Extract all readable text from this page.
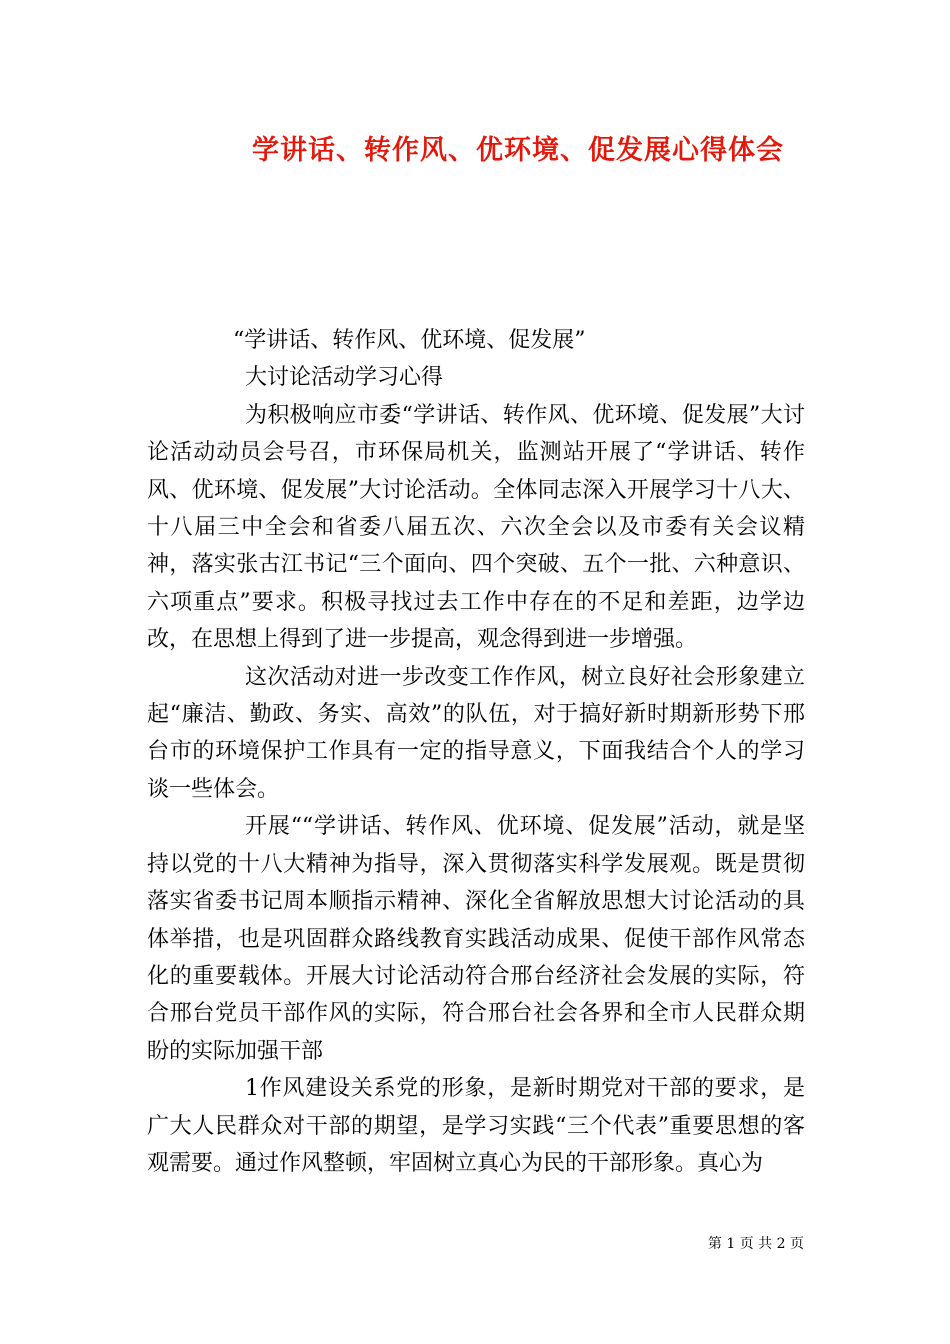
学讲话、转作风、优环境、促发展心得体会

“学讲话、转作风、优环境、促发展”

大讨论活动学习心得

为积极响应市委“学讲话、转作风、优环境、促发展”大讨论活动动员会号召，市环保局机关，监测站开展了“学讲话、转作风、优环境、促发展”大讨论活动。全体同志深入开展学习十八大、十八届三中全会和省委八届五次、六次全会以及市委有关会议精神，落实张古江书记“三个面向、四个突破、五个一批、六种意识、六项重点”要求。积极寻找过去工作中存在的不足和差距，边学边改，在思想上得到了进一步提高，观念得到进一步增强。

这次活动对进一步改变工作作风，树立良好社会形象建立起“廉洁、勤政、务实、高效”的队伍，对于搞好新时期新形势下邢台市的环境保护工作具有一定的指导意义，下面我结合个人的学习谈一些体会。

开展““学讲话、转作风、优环境、促发展”活动，就是坚持以党的十八大精神为指导，深入贯彻落实科学发展观。既是贯彻落实省委书记周本顺指示精神、深化全省解放思想大讨论活动的具体举措，也是巩固群众路线教育实践活动成果、促使干部作风常态化的重要载体。开展大讨论活动符合邢台经济社会发展的实际，符合邢台党员干部作风的实际，符合邢台社会各界和全市人民群众期盼的实际加强干部

1作风建设关系党的形象，是新时期党对干部的要求，是广大人民群众对干部的期望，是学习实践“三个代表”重要思想的客观需要。通过作风整顿，牢固树立真心为民的干部形象。真心为

第 1 页 共 2 页
